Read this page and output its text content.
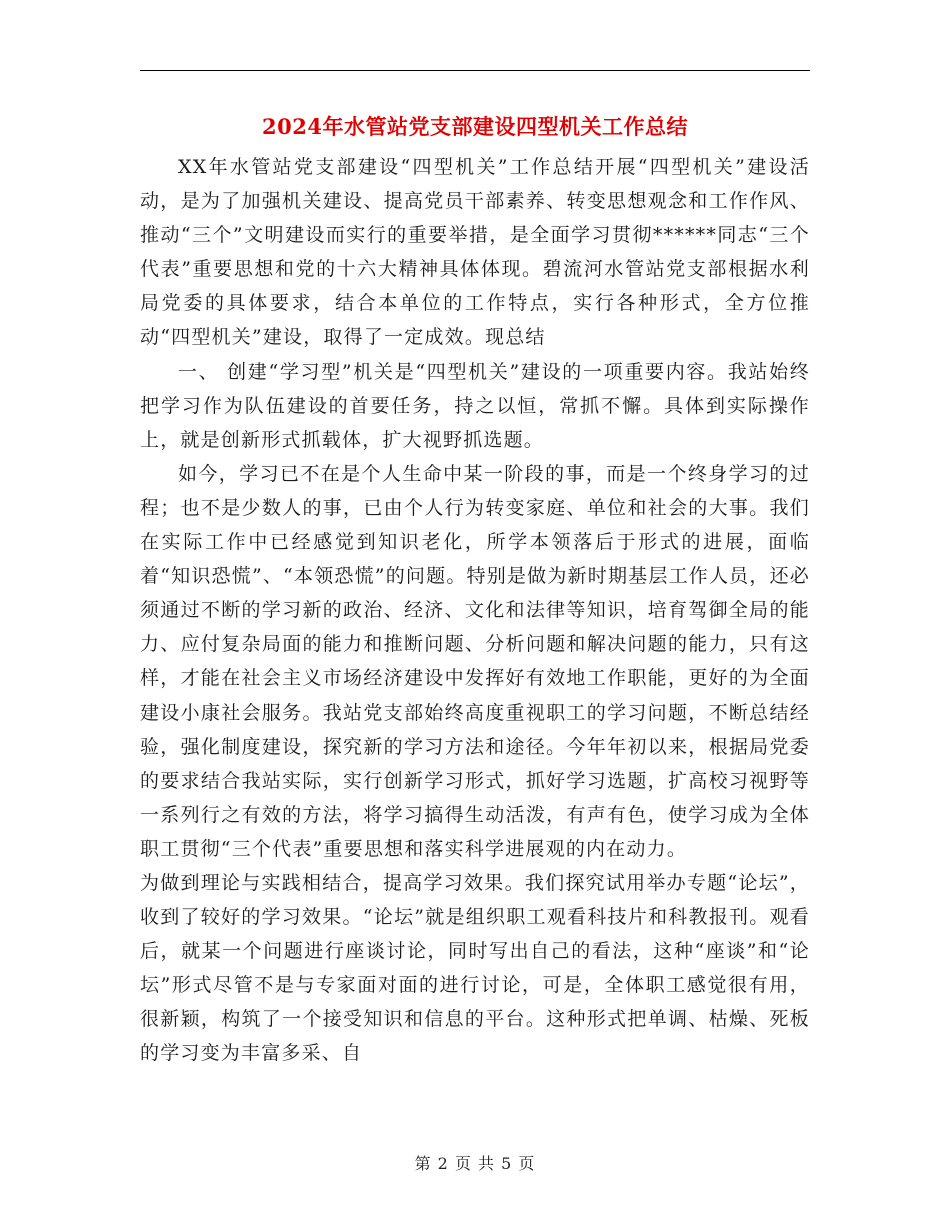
2024年水管站党支部建设四型机关工作总结

XX年水管站党支部建设“四型机关”工作总结开展“四型机关”建设活动，是为了加强机关建设、提高党员干部素养、转变思想观念和工作作风、推动“三个”文明建设而实行的重要举措，是全面学习贯彻******同志“三个代表”重要思想和党的十六大精神具体体现。碧流河水管站党支部根据水利局党委的具体要求，结合本单位的工作特点，实行各种形式，全方位推动“四型机关”建设，取得了一定成效。现总结

一、 创建“学习型”机关是“四型机关”建设的一项重要内容。我站始终把学习作为队伍建设的首要任务，持之以恒，常抓不懈。具体到实际操作上，就是创新形式抓载体，扩大视野抓选题。

如今，学习已不在是个人生命中某一阶段的事，而是一个终身学习的过程；也不是少数人的事，已由个人行为转变家庭、单位和社会的大事。我们在实际工作中已经感觉到知识老化，所学本领落后于形式的进展，面临着“知识恐慌”、“本领恐慌”的问题。特别是做为新时期基层工作人员，还必须通过不断的学习新的政治、经济、文化和法律等知识，培育驾御全局的能力、应付复杂局面的能力和推断问题、分析问题和解决问题的能力，只有这样，才能在社会主义市场经济建设中发挥好有效地工作职能，更好的为全面建设小康社会服务。我站党支部始终高度重视职工的学习问题，不断总结经验，强化制度建设，探究新的学习方法和途径。今年年初以来，根据局党委的要求结合我站实际，实行创新学习形式，抓好学习选题，扩高校习视野等一系列行之有效的方法，将学习搞得生动活泼，有声有色，使学习成为全体职工贯彻“三个代表”重要思想和落实科学进展观的内在动力。

为做到理论与实践相结合，提高学习效果。我们探究试用举办专题“论坛”，收到了较好的学习效果。“论坛”就是组织职工观看科技片和科教报刊。观看后，就某一个问题进行座谈讨论，同时写出自己的看法，这种“座谈”和“论坛”形式尽管不是与专家面对面的进行讨论，可是，全体职工感觉很有用，很新颖，构筑了一个接受知识和信息的平台。这种形式把单调、枯燥、死板的学习变为丰富多采、自

第 2 页 共 5 页
